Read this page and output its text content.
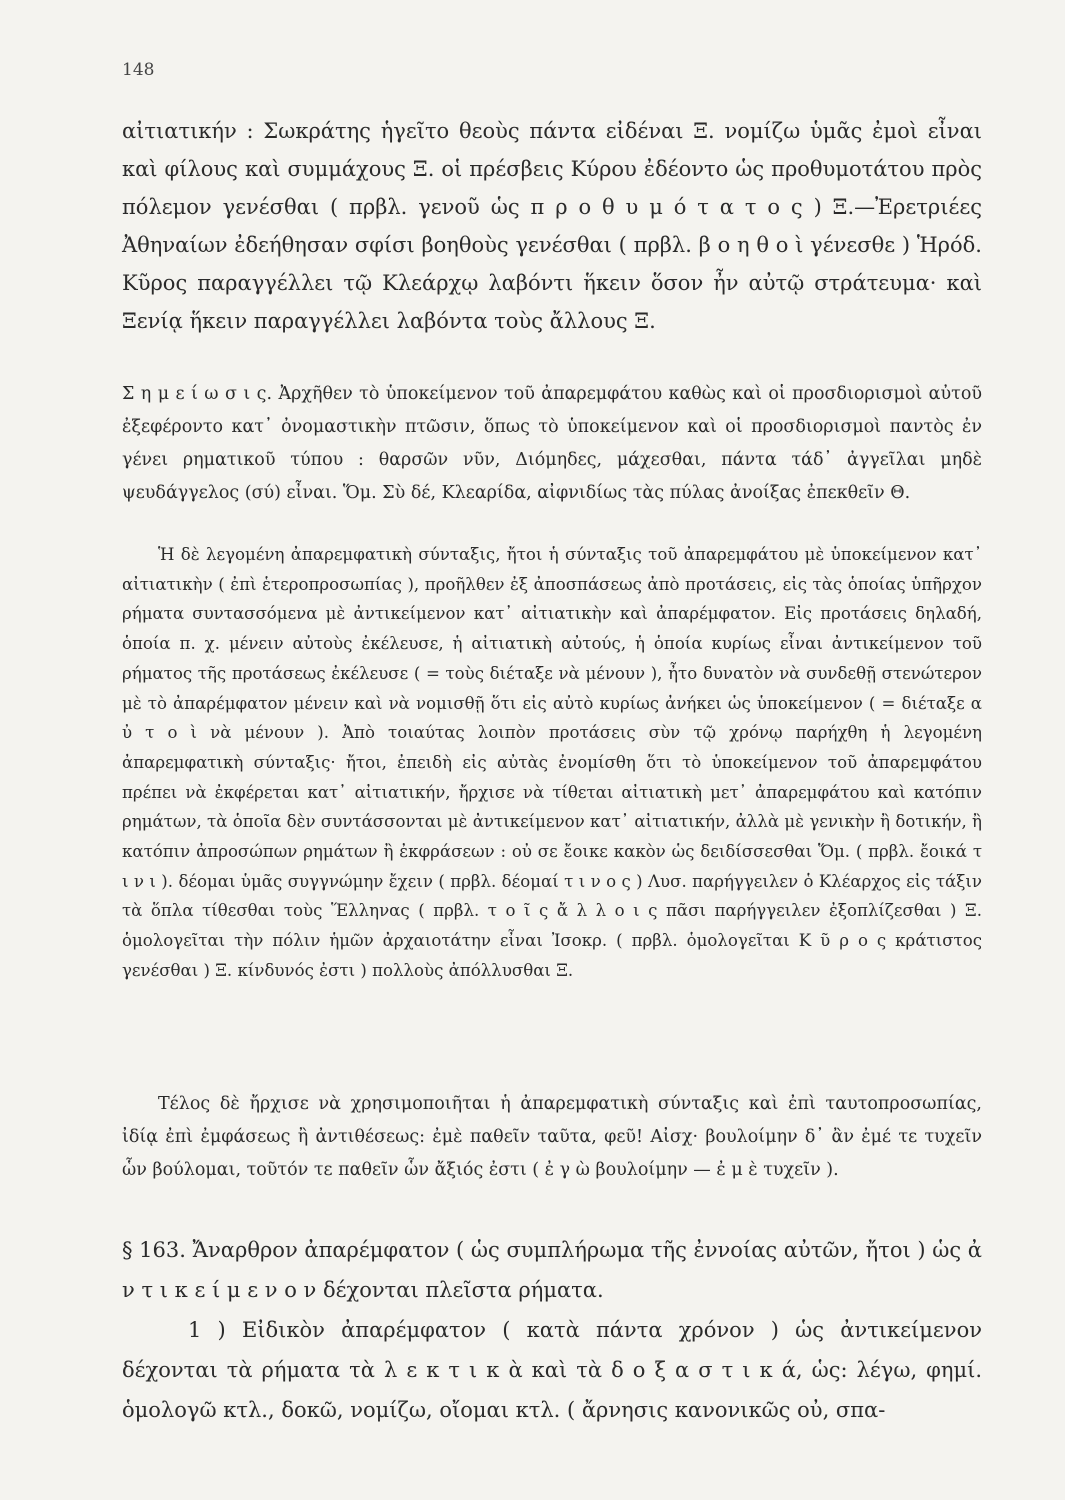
148
αἰτιατικήν : Σωκράτης ἡγεῖτο θεοὺς πάντα εἰδέναι Ξ. νομίζω ὑμᾶς ἐμοὶ εἶναι καὶ φίλους καὶ συμμάχους Ξ. οἱ πρέσβεις Κύρου ἐδέοντο ὡς προθυμοτάτου πρὸς πόλεμον γενέσθαι ( πρβλ. γενοῦ ὡς π ρ ο θ υ μ ό τ α τ ο ς ) Ξ.—Ἐρετριέες Ἀθηναίων ἐδεήθησαν σφίσι βοηθοὺς γενέσθαι ( πρβλ. β ο η θ ο ὶ γένεσθε ) Ἡρόδ. Κῦρος παραγγέλλει τῷ Κλεάρχῳ λαβόντι ἥκειν ὅσον ἦν αὐτῷ στράτευμα· καὶ Ξενίᾳ ἥκειν παραγγέλλει λαβόντα τοὺς ἄλλους Ξ.
Σ η μ ε ί ω σ ι ς. Ἀρχῆθεν τὸ ὑποκείμενον τοῦ ἀπαρεμφάτου καθὼς καὶ οἱ προσδιορισμοὶ αὐτοῦ ἐξεφέροντο κατ᾽ ὀνομαστικὴν πτῶσιν, ὅπως τὸ ὑποκείμενον καὶ οἱ προσδιορισμοὶ παντὸς ἐν γένει ρηματικοῦ τύπου : θαρσῶν νῦν, Διόμηδες, μάχεσθαι, πάντα τάδ᾽ ἀγγεῖλαι μηδὲ ψευδάγγελος (σύ) εἶναι. Ὅμ. Σὺ δέ, Κλεαρίδα, αἰφνιδίως τὰς πύλας ἀνοίξας ἐπεκθεῖν Θ.
Ἡ δὲ λεγομένη ἀπαρεμφατικὴ σύνταξις, ἤτοι ἡ σύνταξις τοῦ ἀπαρεμφάτου μὲ ὑποκείμενον κατ᾽ αἰτιατικὴν ( ἐπὶ ἑτεροπροσωπίας ), προῆλθεν ἐξ ἀποσπάσεως ἀπὸ προτάσεις, εἰς τὰς ὁποίας ὑπῆρχον ρήματα συντασσόμενα μὲ ἀντικείμενον κατ᾽ αἰτιατικὴν καὶ ἀπαρέμφατον. Εἰς προτάσεις δηλαδή, ὁποία π. χ. μένειν αὐτοὺς ἐκέλευσε, ἡ αἰτιατικὴ αὐτούς, ἡ ὁποία κυρίως εἶναι ἀντικείμενον τοῦ ρήματος τῆς προτάσεως ἐκέλευσε ( = τοὺς διέταξε νὰ μένουν ), ἦτο δυνατὸν νὰ συνδεθῇ στενώτερον μὲ τὸ ἀπαρέμφατον μένειν καὶ νὰ νομισθῇ ὅτι εἰς αὐτὸ κυρίως ἀνήκει ὡς ὑποκείμενον ( = διέταξε α ὐ τ ο ὶ νὰ μένουν ). Ἀπὸ τοιαύτας λοιπὸν προτάσεις σὺν τῷ χρόνῳ παρήχθη ἡ λεγομένη ἀπαρεμφατικὴ σύνταξις· ἤτοι, ἐπειδὴ εἰς αὐτὰς ἐνομίσθη ὅτι τὸ ὑποκείμενον τοῦ ἀπαρεμφάτου πρέπει νὰ ἐκφέρεται κατ᾽ αἰτιατικήν, ἤρχισε νὰ τίθεται αἰτιατικὴ μετ᾽ ἀπαρεμφάτου καὶ κατόπιν ρημάτων, τὰ ὁποῖα δὲν συντάσσονται μὲ ἀντικείμενον κατ᾽ αἰτιατικήν, ἀλλὰ μὲ γενικὴν ἢ δοτικήν, ἢ κατόπιν ἀπροσώπων ρημάτων ἢ ἐκφράσεων : οὐ σε ἔοικε κακὸν ὡς δειδίσσεσθαι Ὅμ. ( πρβλ. ἔοικά τ ι ν ι ). δέομαι ὑμᾶς συγγνώμην ἔχειν ( πρβλ. δέομαί τ ι ν ο ς ) Λυσ. παρήγγειλεν ὁ Κλέαρχος εἰς τάξιν τὰ ὅπλα τίθεσθαι τοὺς Ἕλληνας ( πρβλ. τ ο ῖ ς ἄ λ λ ο ι ς πᾶσι παρήγγειλεν ἐξοπλίζεσθαι ) Ξ. ὁμολογεῖται τὴν πόλιν ἡμῶν ἀρχαιοτάτην εἶναι Ἰσοκρ. ( πρβλ. ὁμολογεῖται Κ ῦ ρ ο ς κράτιστος γενέσθαι ) Ξ. κίνδυνός ἐστι ) πολλοὺς ἀπόλλυσθαι Ξ.
Τέλος δὲ ἤρχισε νὰ χρησιμοποιῆται ἡ ἀπαρεμφατικὴ σύνταξις καὶ ἐπὶ ταυτοπροσωπίας, ἰδίᾳ ἐπὶ ἐμφάσεως ἢ ἀντιθέσεως: ἐμὲ παθεῖν ταῦτα, φεῦ! Αἰσχ· βουλοίμην δ᾽ ἂν ἐμέ τε τυχεῖν ὧν βούλομαι, τοῦτόν τε παθεῖν ὧν ἄξιός ἐστι ( ἐ γ ὼ βουλοίμην — ἐ μ ὲ τυχεῖν ).
§ 163. Ἄναρθρον ἀπαρέμφατον ( ὡς συμπλήρωμα τῆς ἐννοίας αὐτῶν, ἤτοι ) ὡς ἀ ν τ ι κ ε ί μ ε ν ο ν δέχονται πλεῖστα ρήματα.
1 ) Εἰδικὸν ἀπαρέμφατον ( κατὰ πάντα χρόνον ) ὡς ἀντικείμενον δέχονται τὰ ρήματα τὰ λ ε κ τ ι κ ὰ καὶ τὰ δ ο ξ α σ τ ι κ ά, ὡς: λέγω, φημί. ὁμολογῶ κτλ., δοκῶ, νομίζω, οἴομαι κτλ. ( ἄρνησις κανονικῶς οὐ, σπα-
